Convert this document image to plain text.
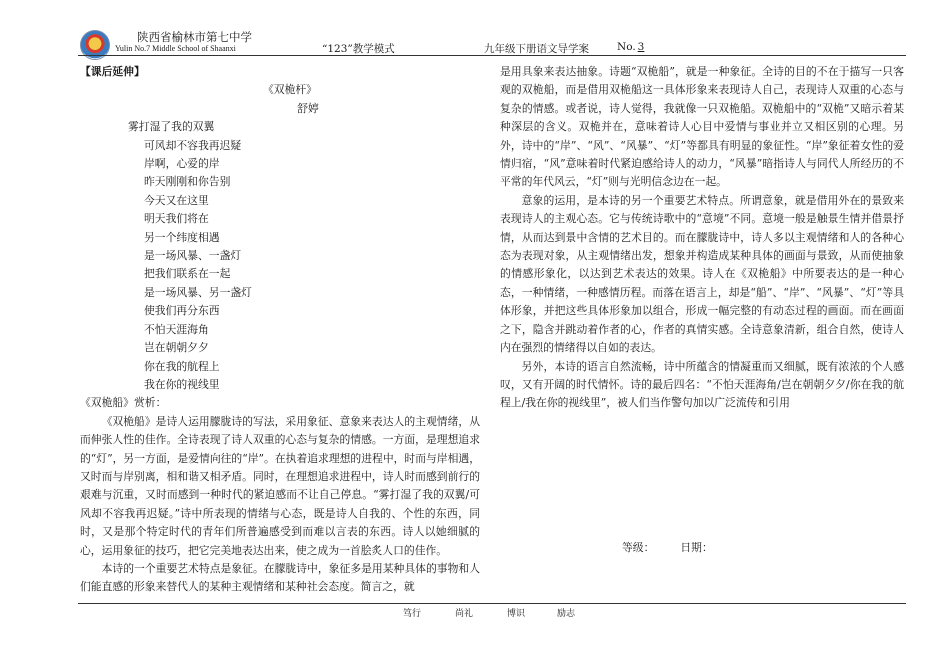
陕西省榆林市第七中学
Yulin No.7 Middle School of Shaanxi	“123”教学模式	九年级下册语文导学案	No. 3
【课后延伸】
《双桅杆》
舒婷
雾打湿了我的双翼
可风却不容我再迟疑
岸啊，心爱的岸
昨天刚刚和你告别
今天又在这里
明天我们将在
另一个纬度相遇
是一场风暴、一盏灯
把我们联系在一起
是一场风暴、另一盏灯
使我们再分东西
不怕天涯海角
岂在朝朝夕夕
你在我的航程上
我在你的视线里
《双桅船》赏析：
《双桅船》是诗人运用朦胧诗的写法，采用象征、意象来表达人的主观情绪，从而伸张人性的佳作。全诗表现了诗人双重的心态与复杂的情感。一方面，是理想追求的“灯”，另一方面，是爱情向往的“岸”。在执着追求理想的进程中，时而与岸相遇，又时而与岸别离，相和谐又相矛盾。同时，在理想追求进程中，诗人时而感到前行的艰难与沉重，又时而感到一种时代的紧迫感而不让自己停息。“雾打湿了我的双翼/可风却不容我再迟疑。”诗中所表现的情绪与心态，既是诗人自我的、个性的东西，同时，又是那个特定时代的青年们所普遍感受到而难以言表的东西。诗人以她细腻的心，运用象征的技巧，把它完美地表达出来，使之成为一首脍炙人口的佳作。
本诗的一个重要艺术特点是象征。在朦胧诗中，象征多是用某种具体的事物和人们能直感的形象来替代人的某种主观情绪和某种社会态度。简言之，就
是用具象来表达抽象。诗题“双桅船”，就是一种象征。全诗的目的不在于描写一只客观的双桅船，而是借用双桅船这一具体形象来表现诗人自己，表现诗人双重的心态与复杂的情感。或者说，诗人觉得，我就像一只双桅船。双桅船中的“双桅”又暗示着某种深层的含义。双桅并在，意味着诗人心目中爱情与事业并立又相区别的心理。另外，诗中的“岸”、“风”、“风暴”、“灯”等都具有明显的象征性。“岸”象征着女性的爱情归宿，“风”意味着时代紧迫感给诗人的动力，“风暴”暗指诗人与同代人所经历的不平常的年代风云，“灯”则与光明信念边在一起。
意象的运用，是本诗的另一个重要艺术特点。所谓意象，就是借用外在的景致来表现诗人的主观心态。它与传统诗歌中的“意境”不同。意境一般是触景生情并借景抒情，从而达到景中含情的艺术目的。而在朦胧诗中，诗人多以主观情绪和人的各种心态为表现对象，从主观情绪出发，想象并构造成某种具体的画面与景致，从而使抽象的情感形象化，以达到艺术表达的效果。诗人在《双桅船》中所要表达的是一种心态，一种情绪，一种感情历程。而落在语言上，却是“船”、“岸”、“风暴”、“灯”等具体形象，并把这些具体形象加以组合，形成一幅完整的有动态过程的画面。而在画面之下，隐含并跳动着作者的心，作者的真情实感。全诗意象清新，组合自然，使诗人内在强烈的情绪得以自如的表达。
另外，本诗的语言自然流畅，诗中所蕴含的情凝重而又细腻，既有浓浓的个人感叹，又有开阔的时代情怀。诗的最后四名：“不怕天涯海角/岂在朝朝夕夕/你在我的航程上/我在你的视线里”，被人们当作警句加以广泛流传和引用
等级： 日期：
笃行	尚礼	博识	励志
